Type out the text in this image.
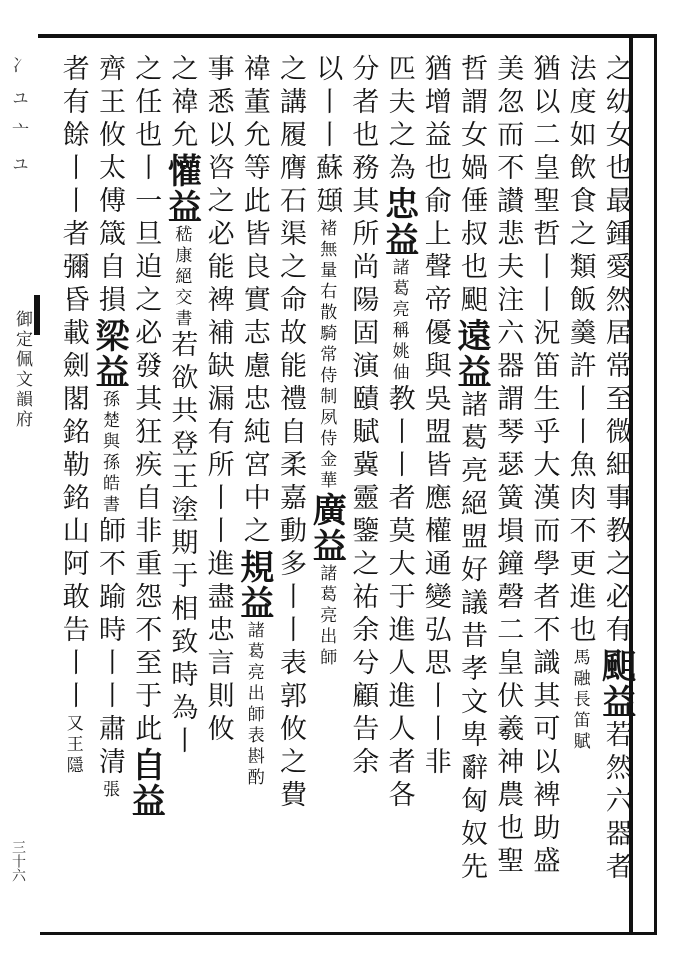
冫ユ亠ユ
御定佩文韻府
三十六
之幼女也最鍾愛然居常至微細事教之必有䫻益若然六器者
法度如飲食之類飯羹許丨丨魚肉不更進也馬融長笛賦
猶以二皇聖哲丨丨況笛生乎大漢而學者不識其可以裨助盛
美忽而不讃悲夫注六器謂琴瑟簧塤鐘磬二皇伏羲神農也聖
哲謂女媧倕叔也䫻遠益諸葛亮絕盟好議昔孝文卑辭匈奴先
猶增益也俞上聲帝優與吳盟皆應權通變弘思丨丨非
匹夫之為忠益諸葛亮稱姚伷教丨丨者莫大于進人進人者各
分者也務其所尚陽固演賾賦冀靈鑒之祐余兮顧告余
以丨丨蘇頲褚無量右散騎常侍制夙侍金華廣益諸葛亮出師
之講履膺石渠之命故能禮自柔嘉動多丨丨表郭攸之費
禕董允等此皆良實志慮忠純宮中之規益諸葛亮出師表斟酌
事悉以咨之必能裨補缺漏有所丨丨進盡忠言則攸
之禕允懽益嵇康絕交書若欲共登王塗期于相致時為丨
之任也丨一旦迫之必發其狂疾自非重怨不至于此自益
齊王攸太傅箴自損梁益孫楚與孫皓書師不踰時丨丨肅清張
者有餘丨丨者彌昏載劍閣銘勒銘山阿敢告丨丨又王隱
